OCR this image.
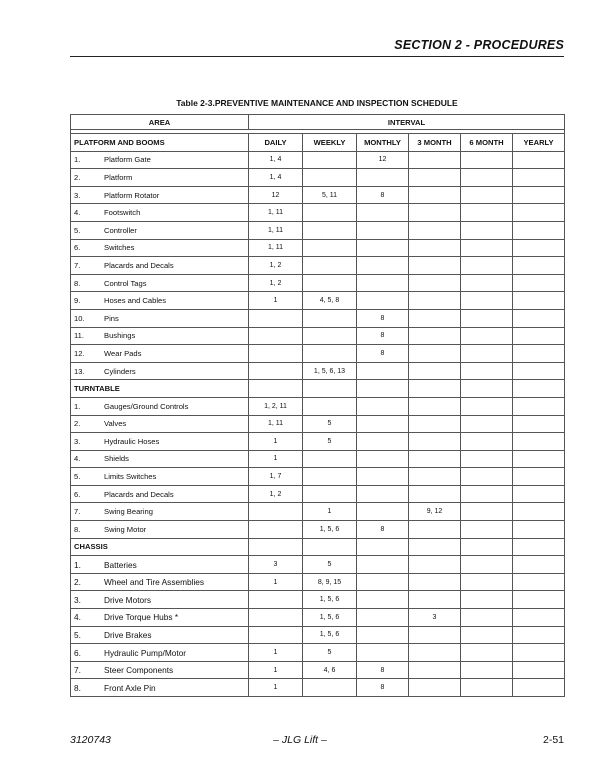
SECTION 2 - PROCEDURES
Table 2-3.PREVENTIVE MAINTENANCE AND INSPECTION SCHEDULE
AREA	INTERVAL					

PLATFORM AND BOOMS	DAILY	WEEKLY	MONTHLY	3 MONTH	6 MONTH	YEARLY
1. Platform Gate	1, 4		12			
2. Platform	1, 4					
3. Platform Rotator	12	5, 11	8			
4. Footswitch	1, 11					
5. Controller	1, 11					
6. Switches	1, 11					
7. Placards and Decals	1, 2					
8. Control Tags	1, 2					
9. Hoses and Cables	1	4, 5, 8				
10. Pins			8			
11. Bushings			8			
12. Wear Pads			8			
13. Cylinders		1, 5, 6, 13				
TURNTABLE						
1. Gauges/Ground Controls	1, 2, 11					
2. Valves	1, 11	5				
3. Hydraulic Hoses	1	5				
4. Shields	1					
5. Limits Switches	1, 7					
6. Placards and Decals	1, 2					
7. Swing Bearing		1		9, 12		
8. Swing Motor		1, 5, 6	8			
CHASSIS						
1. Batteries	3	5				
2. Wheel and Tire Assemblies	1	8, 9, 15				
3. Drive Motors		1, 5, 6				
4. Drive Torque Hubs *		1, 5, 6		3		
5. Drive Brakes		1, 5, 6				
6. Hydraulic Pump/Motor	1	5				
7. Steer Components	1	4, 6	8			
8. Front Axle Pin	1		8			
3120743	– JLG Lift –	2-51
